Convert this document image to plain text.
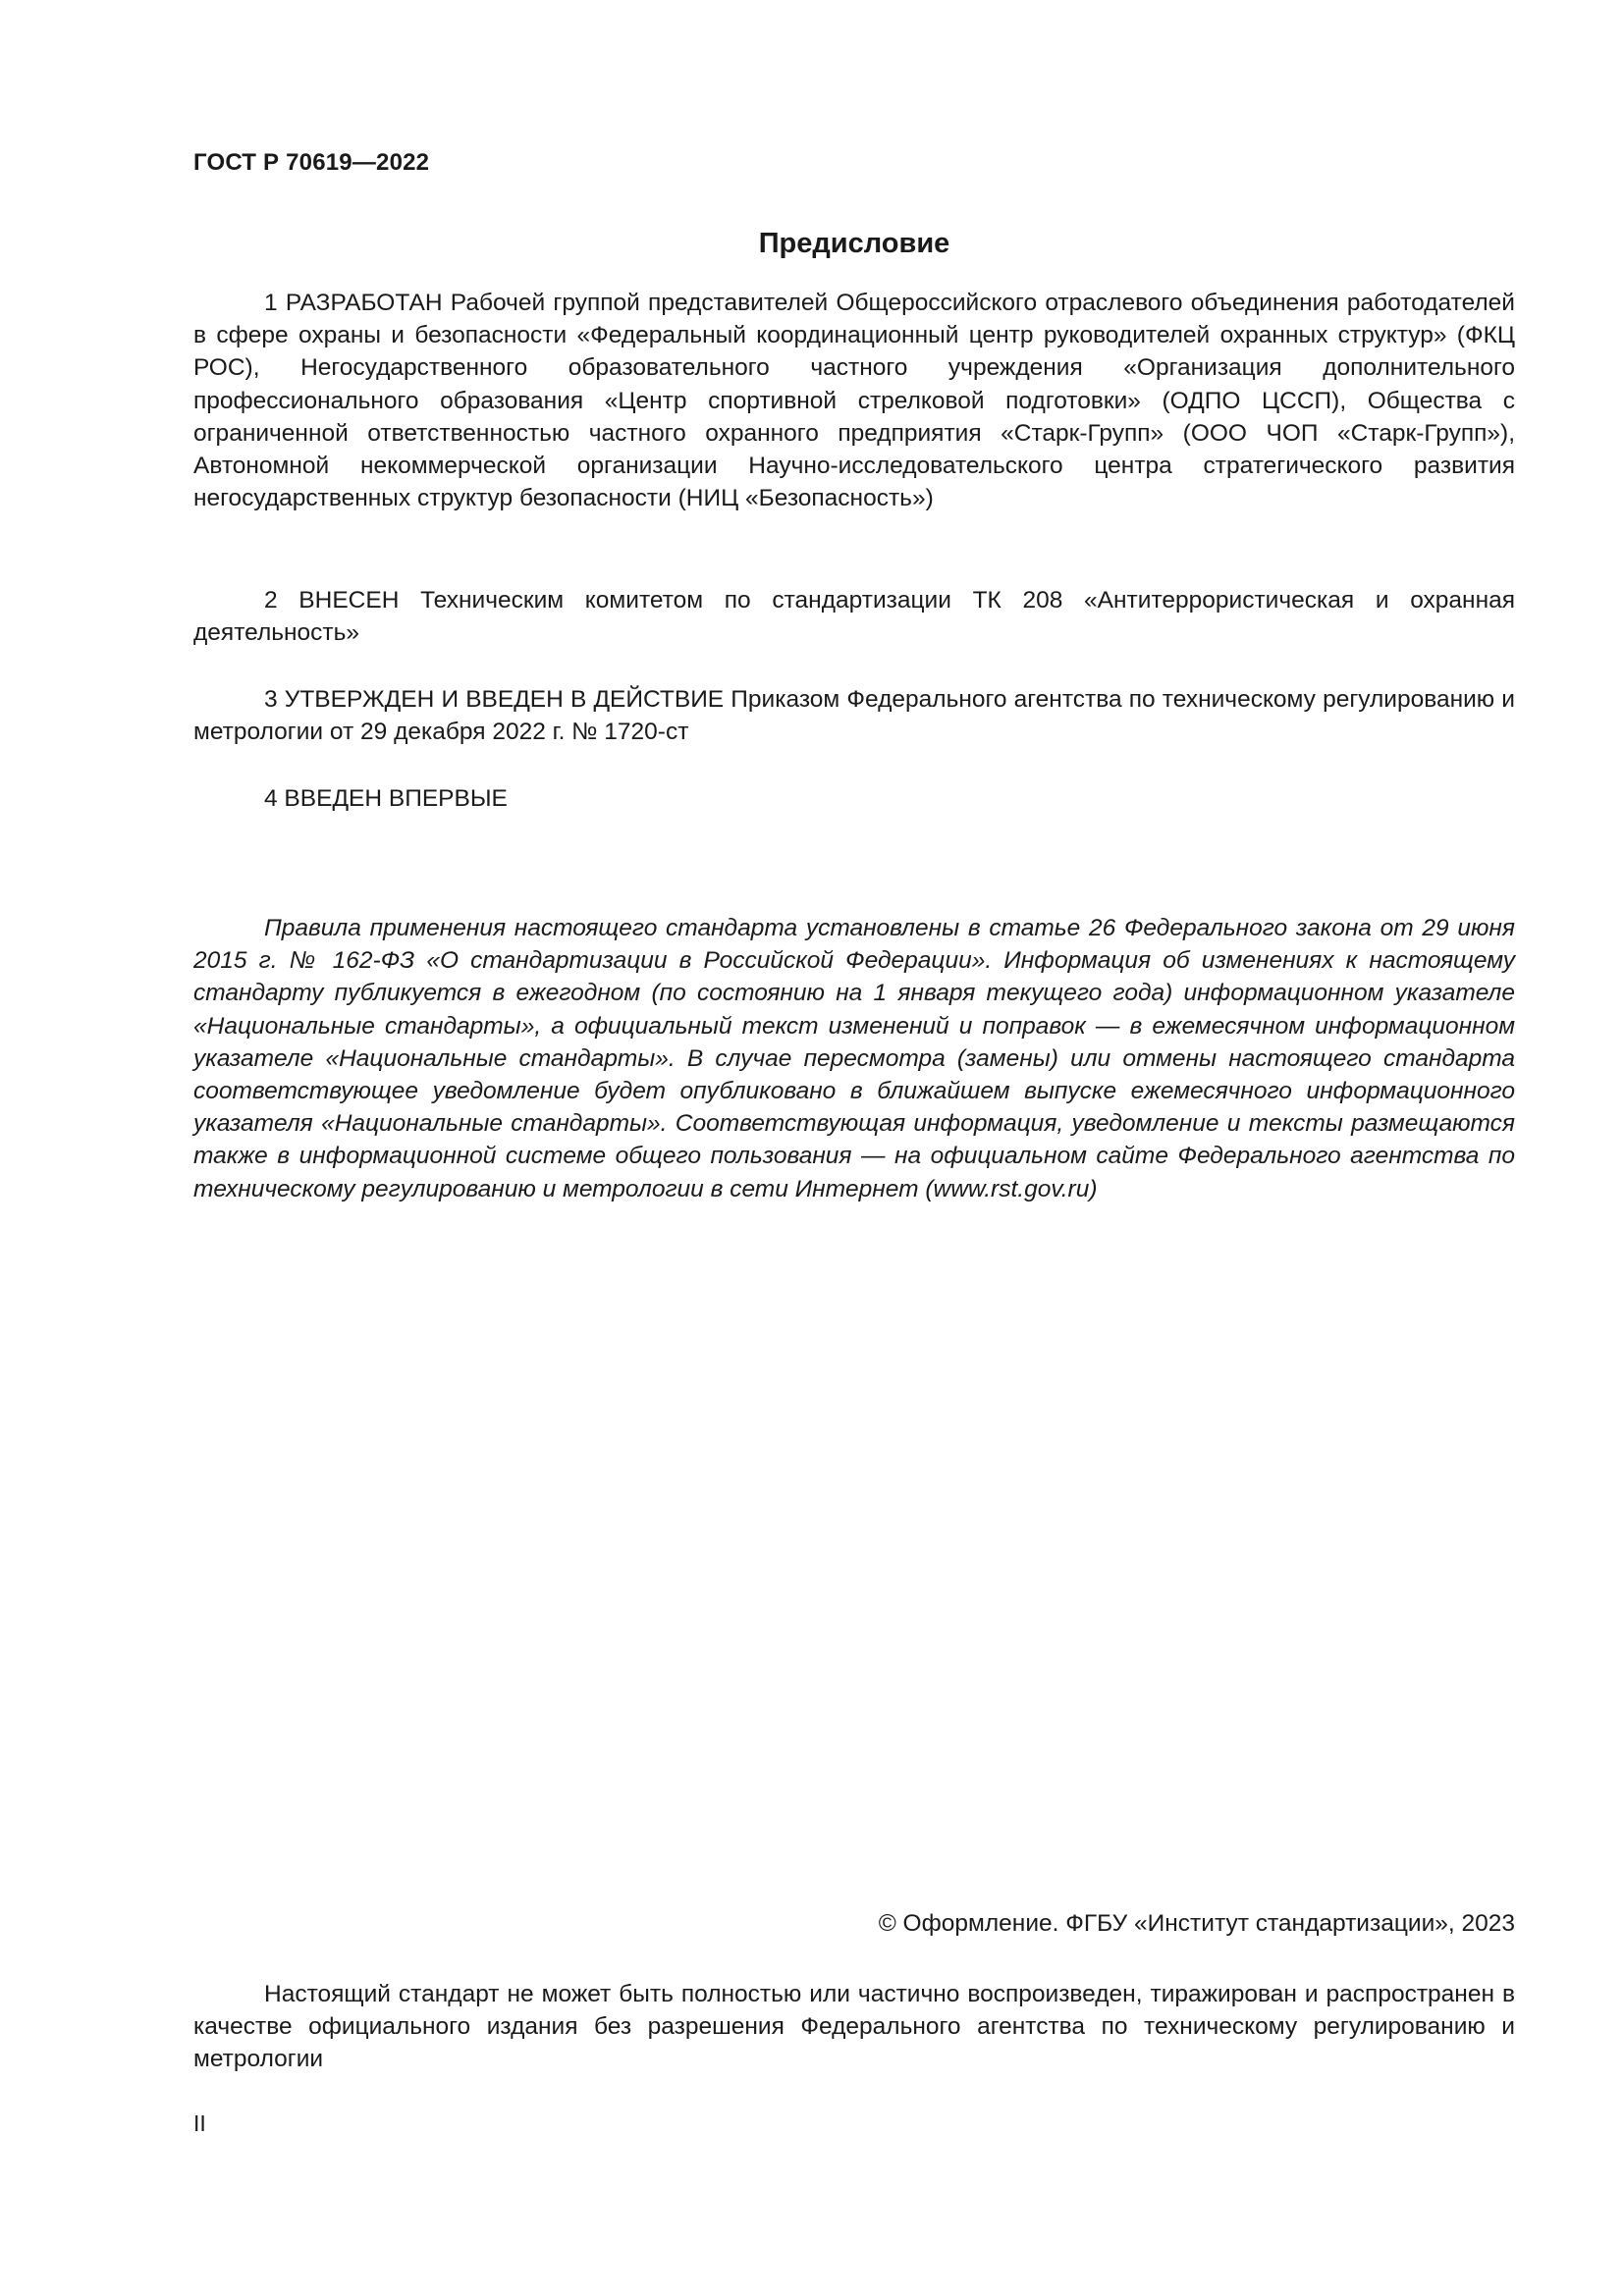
ГОСТ Р 70619—2022
Предисловие

1 РАЗРАБОТАН Рабочей группой представителей Общероссийского отраслевого объединения работодателей в сфере охраны и безопасности «Федеральный координационный центр руководителей охранных структур» (ФКЦ РОС), Негосударственного образовательного частного учреждения «Организация дополнительного профессионального образования «Центр спортивной стрелковой подготовки» (ОДПО ЦССП), Общества с ограниченной ответственностью частного охранного предприятия «Старк-Групп» (ООО ЧОП «Старк-Групп»), Автономной некоммерческой организации Научно-исследовательского центра стратегического развития негосударственных структур безопасности (НИЦ «Безопасность»)

2 ВНЕСЕН Техническим комитетом по стандартизации ТК 208 «Антитеррористическая и охранная деятельность»

3 УТВЕРЖДЕН И ВВЕДЕН В ДЕЙСТВИЕ Приказом Федерального агентства по техническому регулированию и метрологии от 29 декабря 2022 г. № 1720-ст

4 ВВЕДЕН ВПЕРВЫЕ

Правила применения настоящего стандарта установлены в статье 26 Федерального закона от 29 июня 2015 г. № 162-ФЗ «О стандартизации в Российской Федерации». Информация об изменениях к настоящему стандарту публикуется в ежегодном (по состоянию на 1 января текущего года) информационном указателе «Национальные стандарты», а официальный текст изменений и поправок — в ежемесячном информационном указателе «Национальные стандарты». В случае пересмотра (замены) или отмены настоящего стандарта соответствующее уведомление будет опубликовано в ближайшем выпуске ежемесячного информационного указателя «Национальные стандарты». Соответствующая информация, уведомление и тексты размещаются также в информационной системе общего пользования — на официальном сайте Федерального агентства по техническому регулированию и метрологии в сети Интернет (www.rst.gov.ru)

© Оформление. ФГБУ «Институт стандартизации», 2023

Настоящий стандарт не может быть полностью или частично воспроизведен, тиражирован и распространен в качестве официального издания без разрешения Федерального агентства по техническому регулированию и метрологии

II
